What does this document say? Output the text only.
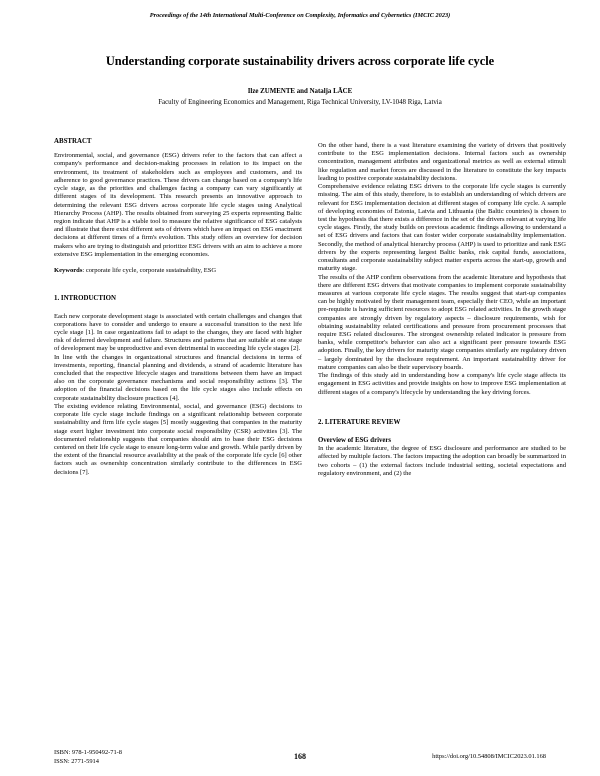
Proceedings of the 14th International Multi-Conference on Complexity, Informatics and Cybernetics (IMCIC 2023)
Understanding corporate sustainability drivers across corporate life cycle
Ilze ZUMENTE and Natalja LĀCE
Faculty of Engineering Economics and Management, Riga Technical University, LV-1048 Riga, Latvia

ABSTRACT

Environmental, social, and governance (ESG) drivers refer to the factors that can affect a company's performance and decision-making processes in relation to its impact on the environment, its treatment of stakeholders such as employees and customers, and its adherence to good governance practices. These drivers can change based on a company's life cycle stage, as the priorities and challenges facing a company can vary significantly at different stages of its development. This research presents an innovative approach to determining the relevant ESG drivers across corporate life cycle stages using Analytical Hierarchy Process (AHP). The results obtained from surveying 25 experts representing Baltic region indicate that AHP is a viable tool to measure the relative significance of ESG catalysts and illustrate that there exist different sets of drivers which have an impact on ESG enactment decisions at different times of a firm's evolution. This study offers an overview for decision makers who are trying to distinguish and prioritize ESG drivers with an aim to achieve a more extensive ESG implementation in the emerging economies.

Keywords: corporate life cycle, corporate sustainability, ESG

1. INTRODUCTION

Each new corporate development stage is associated with certain challenges and changes that corporations have to consider and undergo to ensure a successful transition to the next life cycle stage [1]. In case organizations fail to adapt to the changes, they are faced with higher risk of deferred development and failure. Structures and patterns that are suitable at one stage of development may be unproductive and even detrimental in succeeding life cycle stages [2].

In line with the changes in organizational structures and financial decisions in terms of investments, reporting, financial planning and dividends, a strand of academic literature has concluded that the respective lifecycle stages and transitions between them have an impact also on the corporate governance mechanisms and social responsibility actions [3]. The adoption of the financial decisions based on the life cycle stages also include effects on corporate sustainability disclosure practices [4].

The existing evidence relating Environmental, social, and governance (ESG) decisions to corporate life cycle stage include findings on a significant relationship between corporate sustainability and firm life cycle stages [5] mostly suggesting that companies in the maturity stage exert higher investment into corporate social responsibility (CSR) activities [3]. The documented relationship suggests that companies should aim to base their ESG decisions centered on their life cycle stage to ensure long-term value and growth. While partly driven by the extent of the financial resource availability at the peak of the corporate life cycle [6] other factors such as ownership concentration similarly contribute to the differences in ESG decisions [7].

On the other hand, there is a vast literature examining the variety of drivers that positively contribute to the ESG implementation decisions. Internal factors such as ownership concentration, management attributes and organizational metrics as well as external stimuli like regulation and market forces are discussed in the literature to constitute the key impacts leading to positive corporate sustainability decisions.

Comprehensive evidence relating ESG drivers to the corporate life cycle stages is currently missing. The aim of this study, therefore, is to establish an understanding of which drivers are relevant for ESG implementation decision at different stages of company life cycle. A sample of developing economies of Estonia, Latvia and Lithuania (the Baltic countries) is chosen to test the hypothesis that there exists a difference in the set of the drivers relevant at varying life cycle stages. Firstly, the study builds on previous academic findings allowing to understand a set of ESG drivers and factors that can foster wider corporate sustainability implementation. Secondly, the method of analytical hierarchy process (AHP) is used to prioritize and rank ESG drivers by the experts representing largest Baltic banks, risk capital funds, associations, consultants and corporate sustainability subject matter experts across the start-up, growth and maturity stage.

The results of the AHP confirm observations from the academic literature and hypothesis that there are different ESG drivers that motivate companies to implement corporate sustainability measures at various corporate life cycle stages. The results suggest that start-up companies can be highly motivated by their management team, especially their CEO, while an important pre-requisite is having sufficient resources to adopt ESG related activities. In the growth stage companies are strongly driven by regulatory aspects – disclosure requirements, wish for obtaining sustainability related certifications and pressure from procurement processes that require ESG related disclosures. The strongest ownership related indicator is pressure from banks, while competitor's behavior can also act a significant peer pressure towards ESG adoption. Finally, the key drivers for maturity stage companies similarly are regulatory driven – largely dominated by the disclosure requirement. An important sustainability driver for mature companies can also be their supervisory boards.

The findings of this study aid in understanding how a company's life cycle stage affects its engagement in ESG activities and provide insights on how to improve ESG implementation at different stages of a company's lifecycle by understanding the key driving forces.

2. LITERATURE REVIEW

Overview of ESG drivers

In the academic literature, the degree of ESG disclosure and performance are studied to be affected by multiple factors. The factors impacting the adoption can broadly be summarized in two cohorts – (1) the external factors include industrial setting, societal expectations and regulatory environment, and (2) the

ISBN: 978-1-950492-71-8
ISSN: 2771-5914	168	https://doi.org/10.54808/IMCIC2023.01.168
